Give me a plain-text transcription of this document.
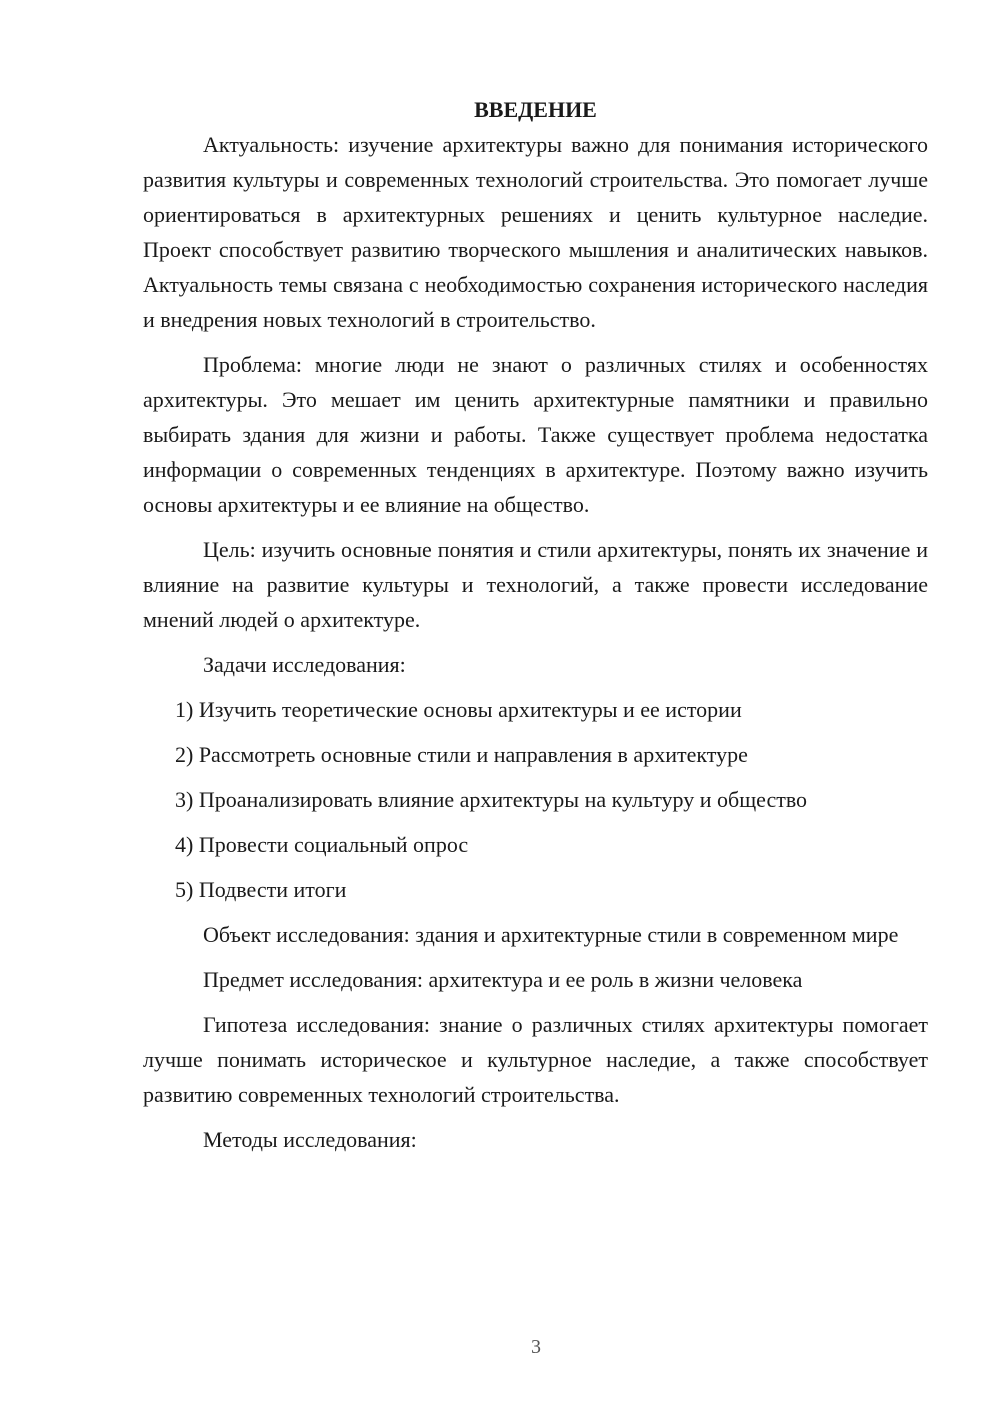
ВВЕДЕНИЕ

Актуальность: изучение архитектуры важно для понимания исторического развития культуры и современных технологий строительства. Это помогает лучше ориентироваться в архитектурных решениях и ценить культурное наследие. Проект способствует развитию творческого мышления и аналитических навыков. Актуальность темы связана с необходимостью сохранения исторического наследия и внедрения новых технологий в строительство.

Проблема: многие люди не знают о различных стилях и особенностях архитектуры. Это мешает им ценить архитектурные памятники и правильно выбирать здания для жизни и работы. Также существует проблема недостатка информации о современных тенденциях в архитектуре. Поэтому важно изучить основы архитектуры и ее влияние на общество.

Цель: изучить основные понятия и стили архитектуры, понять их значение и влияние на развитие культуры и технологий, а также провести исследование мнений людей о архитектуре.

Задачи исследования:

1) Изучить теоретические основы архитектуры и ее истории
2) Рассмотреть основные стили и направления в архитектуре
3) Проанализировать влияние архитектуры на культуру и общество
4) Провести социальный опрос
5) Подвести итоги

Объект исследования: здания и архитектурные стили в современном мире

Предмет исследования: архитектура и ее роль в жизни человека

Гипотеза исследования: знание о различных стилях архитектуры помогает лучше понимать историческое и культурное наследие, а также способствует развитию современных технологий строительства.

Методы исследования:

3
